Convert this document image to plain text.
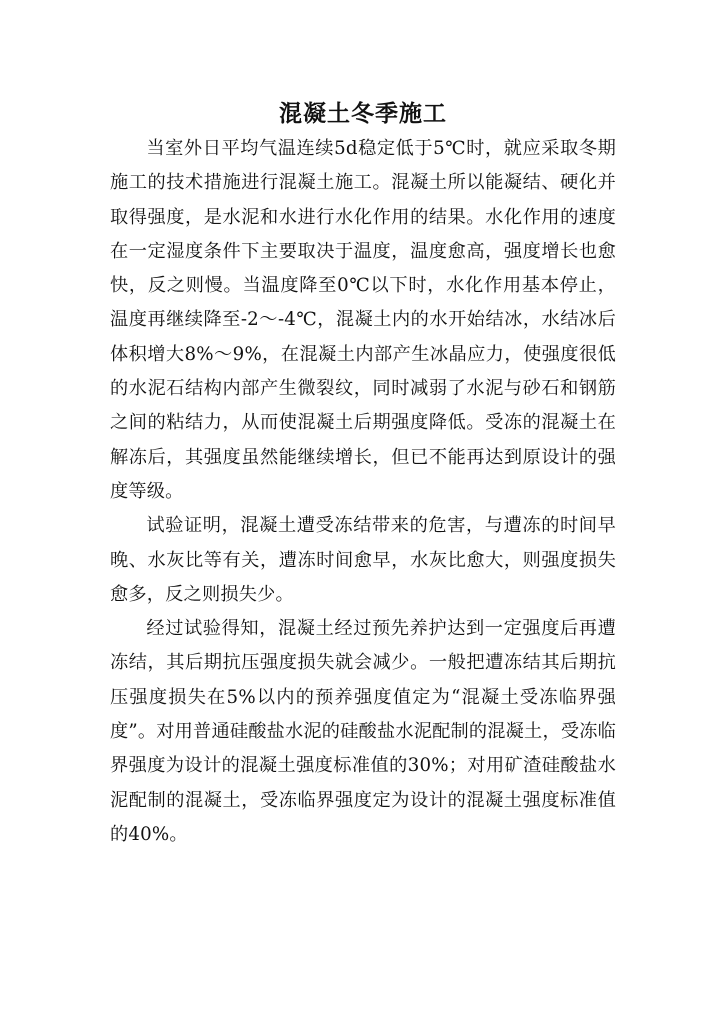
混凝土冬季施工

当室外日平均气温连续5d稳定低于5℃时，就应采取冬期施工的技术措施进行混凝土施工。混凝土所以能凝结、硬化并取得强度，是水泥和水进行水化作用的结果。水化作用的速度在一定湿度条件下主要取决于温度，温度愈高，强度增长也愈快，反之则慢。当温度降至0℃以下时，水化作用基本停止，温度再继续降至-2～-4℃，混凝土内的水开始结冰，水结冰后体积增大8%～9%，在混凝土内部产生冰晶应力，使强度很低的水泥石结构内部产生微裂纹，同时减弱了水泥与砂石和钢筋之间的粘结力，从而使混凝土后期强度降低。受冻的混凝土在解冻后，其强度虽然能继续增长，但已不能再达到原设计的强度等级。

试验证明，混凝土遭受冻结带来的危害，与遭冻的时间早晚、水灰比等有关，遭冻时间愈早，水灰比愈大，则强度损失愈多，反之则损失少。

经过试验得知，混凝土经过预先养护达到一定强度后再遭冻结，其后期抗压强度损失就会减少。一般把遭冻结其后期抗压强度损失在5%以内的预养强度值定为“混凝土受冻临界强度”。对用普通硅酸盐水泥的硅酸盐水泥配制的混凝土，受冻临界强度为设计的混凝土强度标准值的30%；对用矿渣硅酸盐水泥配制的混凝土，受冻临界强度定为设计的混凝土强度标准值的40%。
